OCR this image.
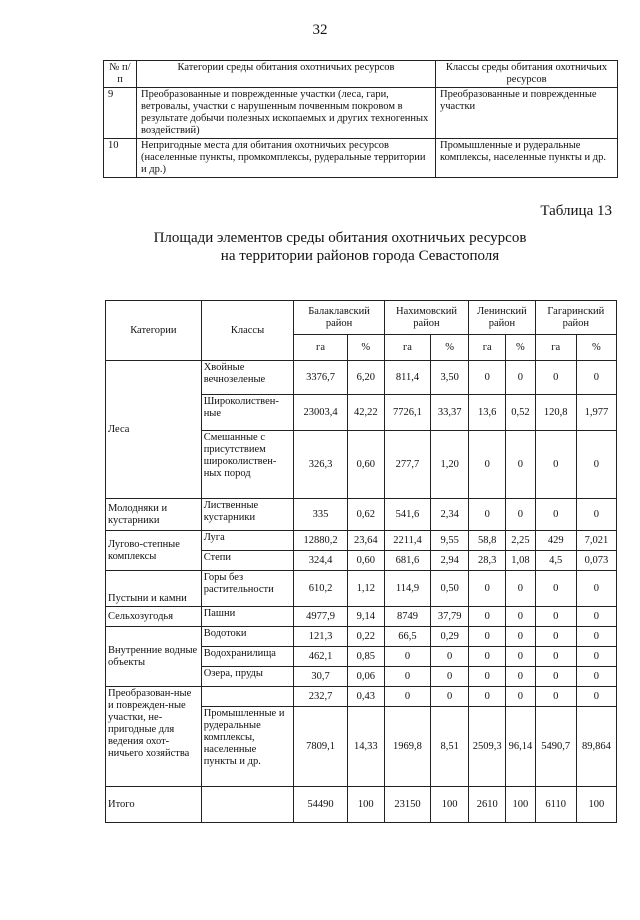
32
№ п/п	Категории среды обитания охотничьих ресурсов	Классы среды обитания охотничьих ресурсов
9	Преобразованные и поврежденные участки (леса, гари, ветровалы, участки с нарушенным почвенным покровом в результате добычи полезных ископаемых и других техногенных воздействий)	Преобразованные и поврежденные участки
10	Непригодные места для обитания охотничьих ресурсов (населенные пункты, промкомплексы, рудеральные территории и др.)	Промышленные и рудеральные комплексы, населенные пункты и др.
Таблица 13
Площади элементов среды обитания охотничьих ресурсов
на территории районов города Севастополя
Категории	Классы	Балаклавский район		Нахимовский район		Ленинский район		Гагаринский район	
		га	%	га	%	га	%	га	%
Леса	Хвойные вечнозеленые	3376,7	6,20	811,4	3,50	0	0	0	0
	Широколиствен-ные	23003,4	42,22	7726,1	33,37	13,6	0,52	120,8	1,977
	Смешанные с присутствием широколиствен-ных пород	326,3	0,60	277,7	1,20	0	0	0	0
Молодняки и кустарники	Лиственные кустарники	335	0,62	541,6	2,34	0	0	0	0
Лугово-степные комплексы	Луга	12880,2	23,64	2211,4	9,55	58,8	2,25	429	7,021
	Степи	324,4	0,60	681,6	2,94	28,3	1,08	4,5	0,073
Пустыни и камни	Горы без растительности	610,2	1,12	114,9	0,50	0	0	0	0
Сельхозугодья	Пашни	4977,9	9,14	8749	37,79	0	0	0	0
Внутренние водные объекты	Водотоки	121,3	0,22	66,5	0,29	0	0	0	0
	Водохранилища	462,1	0,85	0	0	0	0	0	0
	Озера, пруды	30,7	0,06	0	0	0	0	0	0
Преобразован-ные и поврежден-ные участки, не-пригодные для ведения охот-ничьего хозяйства		232,7	0,43	0	0	0	0	0	0
	Промышленные и рудеральные комплексы, населенные пункты и др.	7809,1	14,33	1969,8	8,51	2509,3	96,14	5490,7	89,864
Итого		54490	100	23150	100	2610	100	6110	100
